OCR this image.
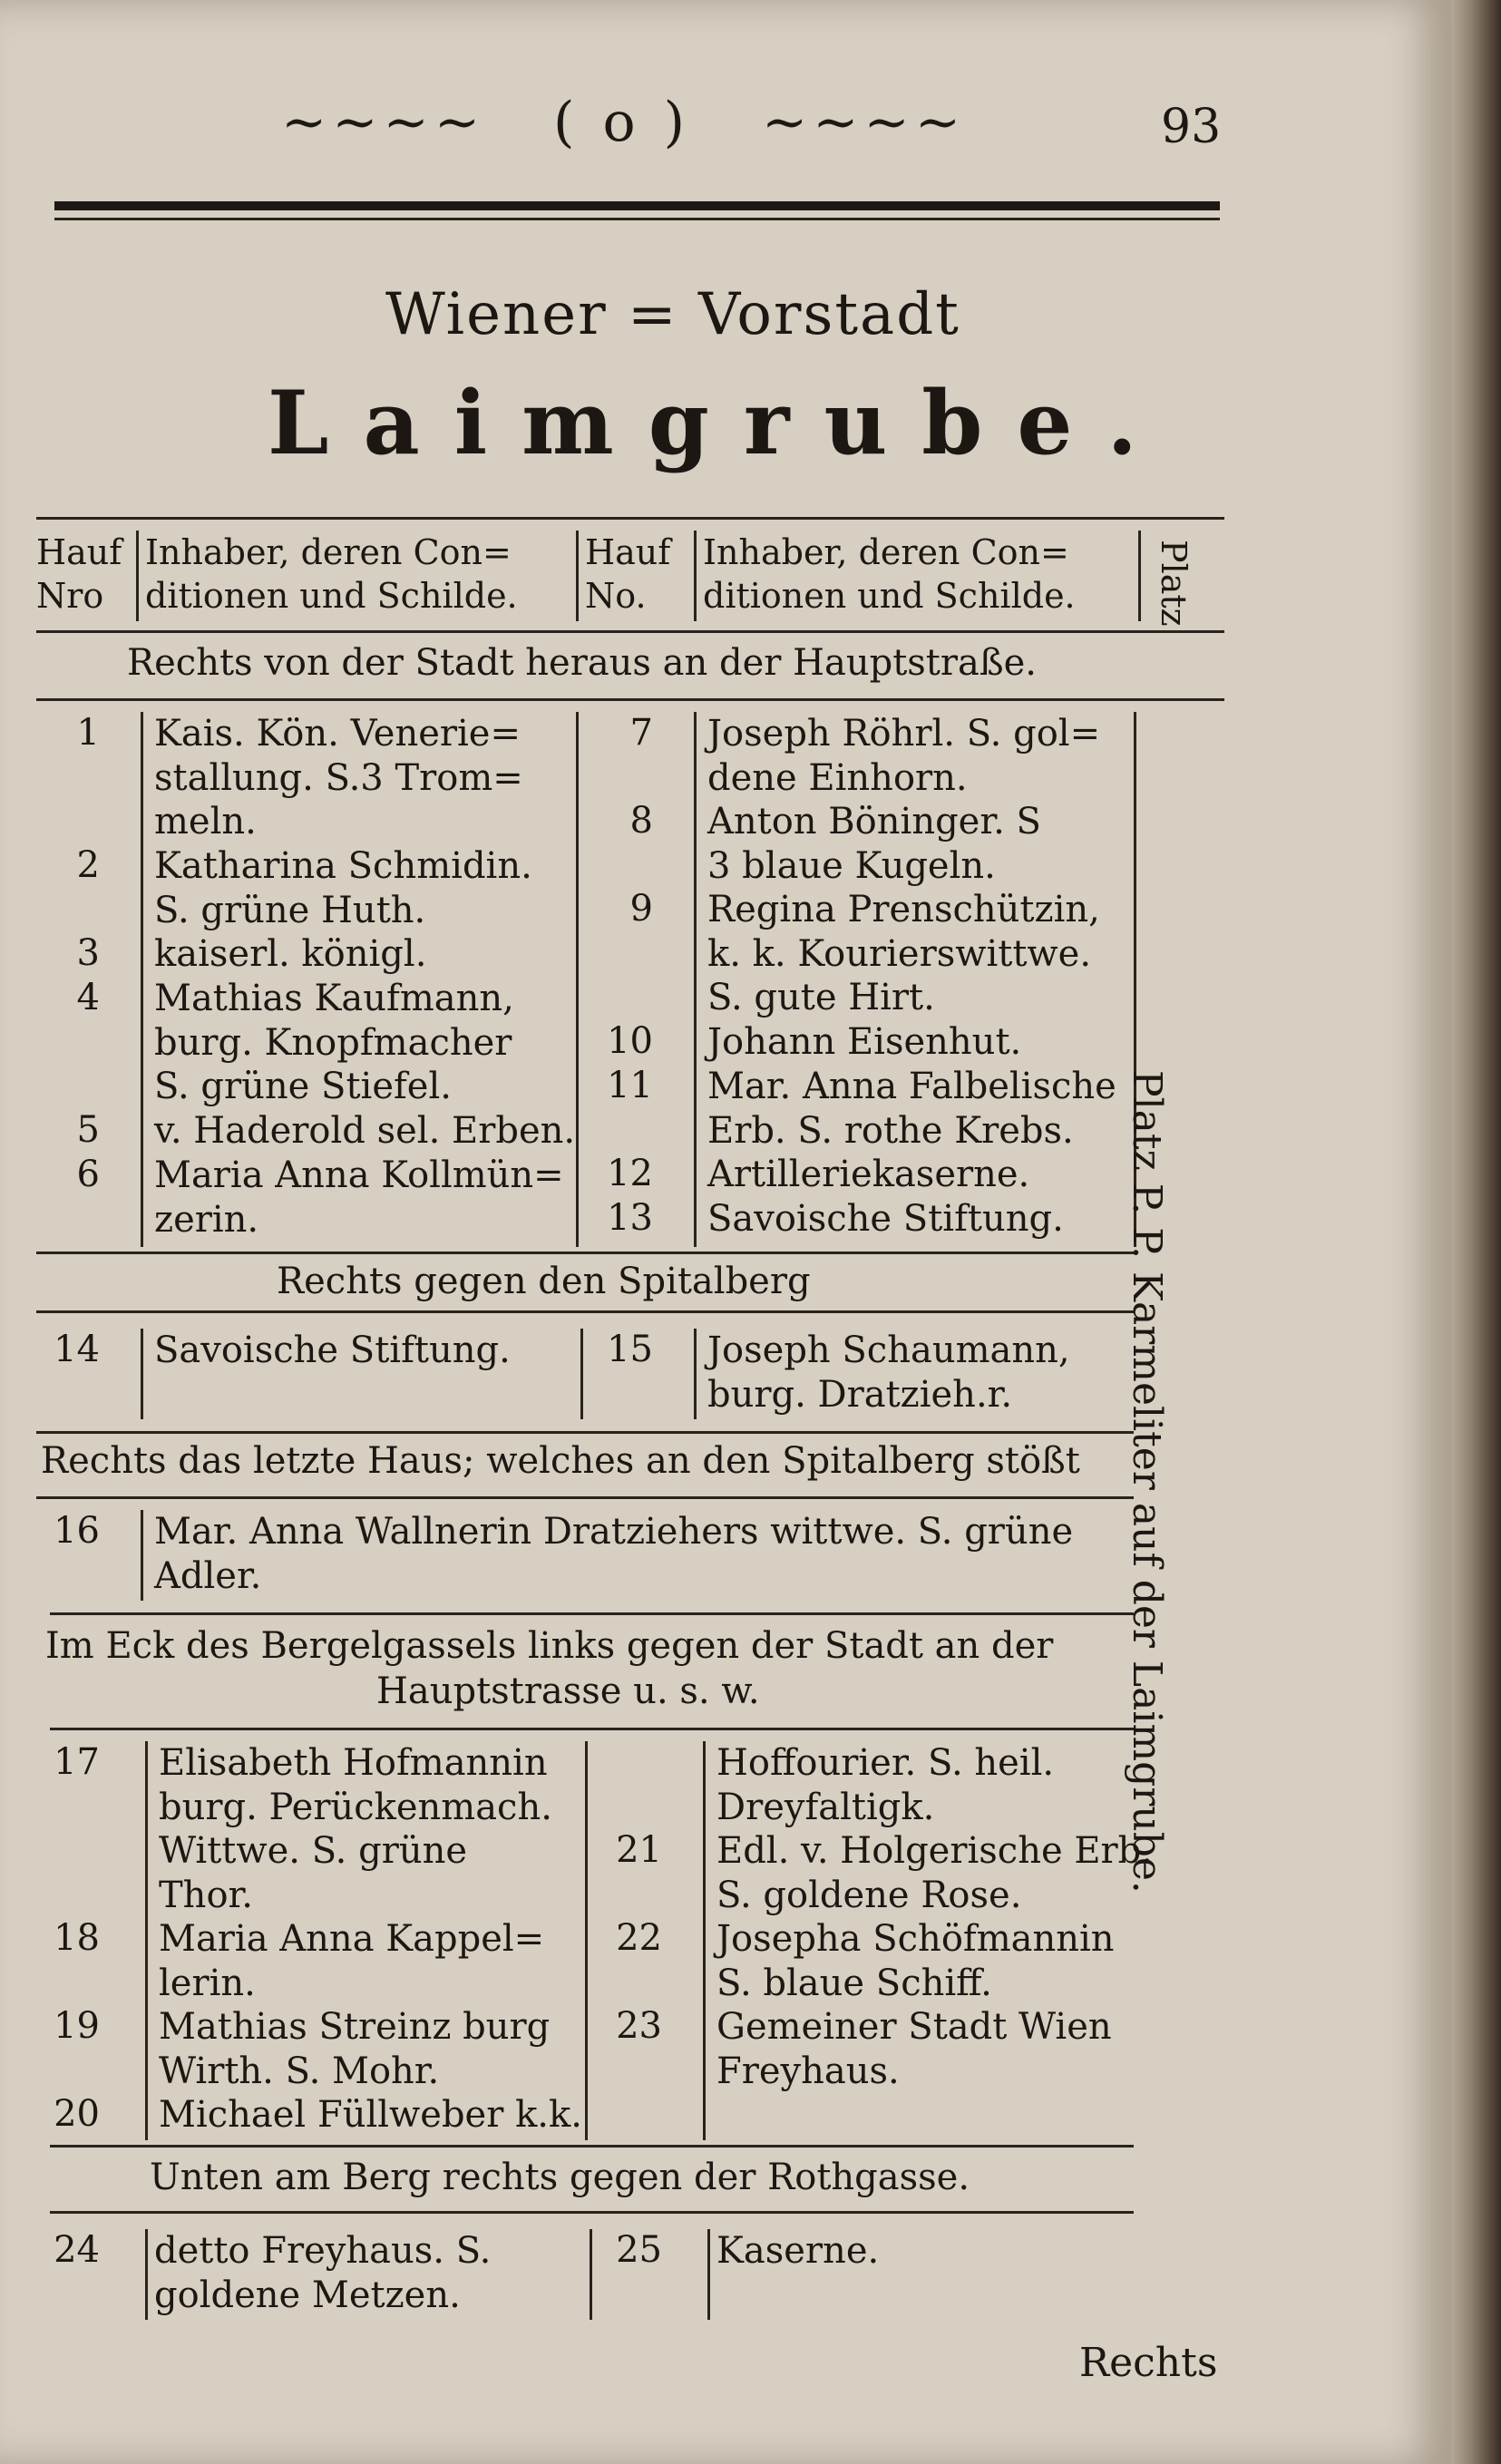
~~~~ ( o ) ~~~~	93
Wiener = Vorstadt
Laimgrube.
Hauf
Nro
Inhaber, deren Con=
ditionen und Schilde.
Hauf
No.
Inhaber, deren Con=
ditionen und Schilde. Platz
Rechts von der Stadt heraus an der Hauptstraße.
1 Kais. Kön. Venerie=
stallung. S.3 Trom=
meln.
2 Katharina Schmidin.
S. grüne Huth.
3 kaiserl. königl.
4 Mathias Kaufmann,
burg. Knopfmacher
S. grüne Stiefel.
5 v. Haderold sel. Erben.
6 Maria Anna Kollmün=
zerin.
7 Joseph Röhrl. S. gol=
dene Einhorn.
8 Anton Böninger. S
3 blaue Kugeln.
9 Regina Prenschützin,
k. k. Kourierswittwe.
S. gute Hirt.
10 Johann Eisenhut.
11 Mar. Anna Falbelische
Erb. S. rothe Krebs.
12 Artilleriekaserne.
13 Savoische Stiftung.
Rechts gegen den Spitalberg
14 Savoische Stiftung.	15 Joseph Schaumann,
burg. Dratzieh.r.
Rechts das letzte Haus; welches an den Spitalberg stößt
16 Mar. Anna Wallnerin Dratziehers wittwe. S. grüne
Adler.
Im Eck des Bergelgassels links gegen der Stadt an der
Hauptstrasse u. s. w.
17 Elisabeth Hofmannin
burg. Perückenmach.
Wittwe. S. grüne
Thor.
18 Maria Anna Kappel=
lerin.
19 Mathias Streinz burg
Wirth. S. Mohr.
20 Michael Füllweber k.k.
Hoffourier. S. heil.
Dreyfaltigk.
21 Edl. v. Holgerische Erb.
S. goldene Rose.
22 Josepha Schöfmannin
S. blaue Schiff.
23 Gemeiner Stadt Wien
Freyhaus.
Unten am Berg rechts gegen der Rothgasse.
24 detto Freyhaus. S.
goldene Metzen.
25 Kaserne.
Platz P. P. Karmeliter auf der Laimgrube.
Rechts
